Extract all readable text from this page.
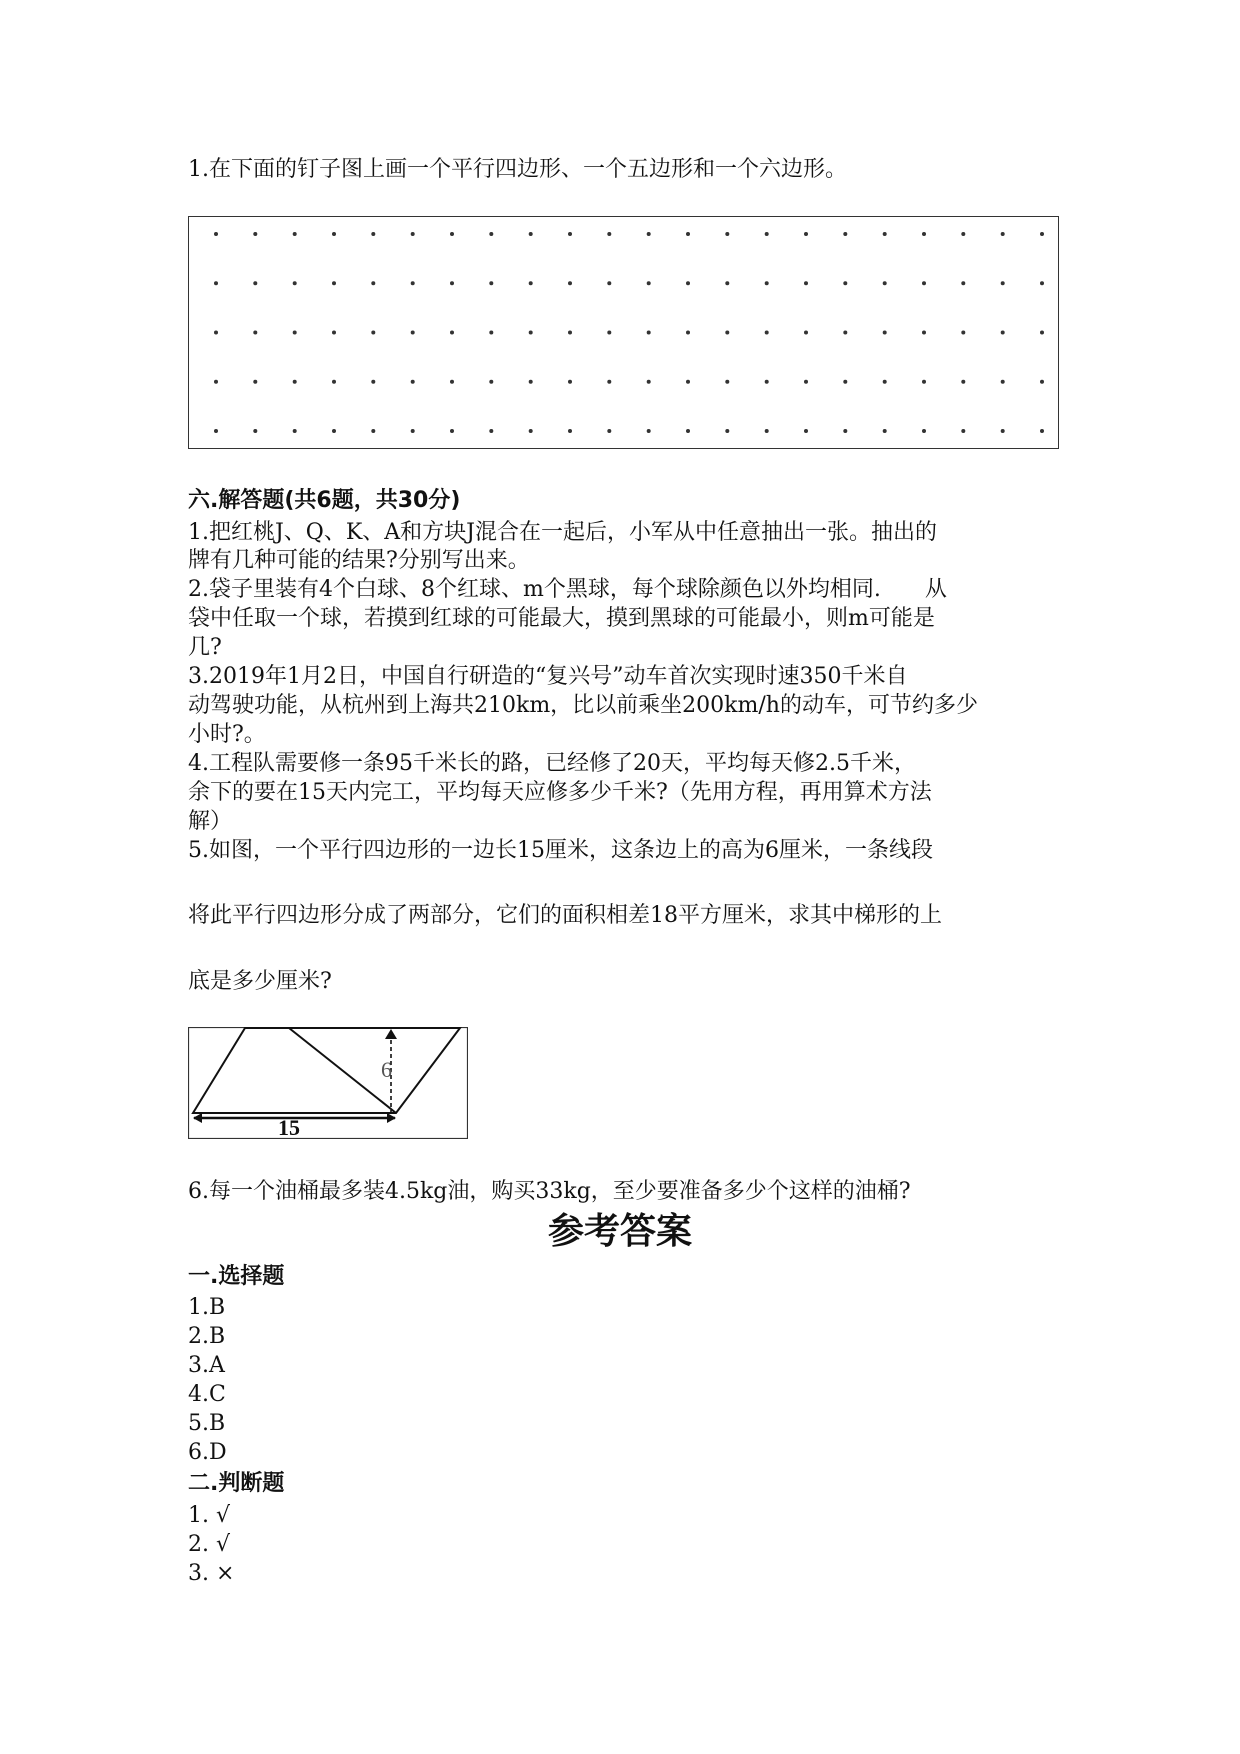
1.在下面的钉子图上画一个平行四边形、一个五边形和一个六边形。

六.解答题(共6题，共30分)

1.把红桃J、Q、K、A和方块J混合在一起后，小军从中任意抽出一张。抽出的

牌有几种可能的结果?分别写出来。

2.袋子里装有4个白球、8个红球、m个黑球，每个球除颜色以外均相同.　　从

袋中任取一个球，若摸到红球的可能最大，摸到黑球的可能最小，则m可能是

几?

3.2019年1月2日，中国自行研造的“复兴号”动车首次实现时速350千米自

动驾驶功能，从杭州到上海共210km，比以前乘坐200km/h的动车，可节约多少

小时?。

4.工程队需要修一条95千米长的路，已经修了20天，平均每天修2.5千米，

余下的要在15天内完工，平均每天应修多少千米?（先用方程，再用算术方法

解）

5.如图，一个平行四边形的一边长15厘米，这条边上的高为6厘米，一条线段

将此平行四边形分成了两部分，它们的面积相差18平方厘米，求其中梯形的上

底是多少厘米?

6
15

6.每一个油桶最多装4.5kg油，购买33kg，至少要准备多少个这样的油桶?

参考答案

一.选择题

1.B

2.B

3.A

4.C

5.B

6.D

二.判断题

1. √

2. √

3. ×
